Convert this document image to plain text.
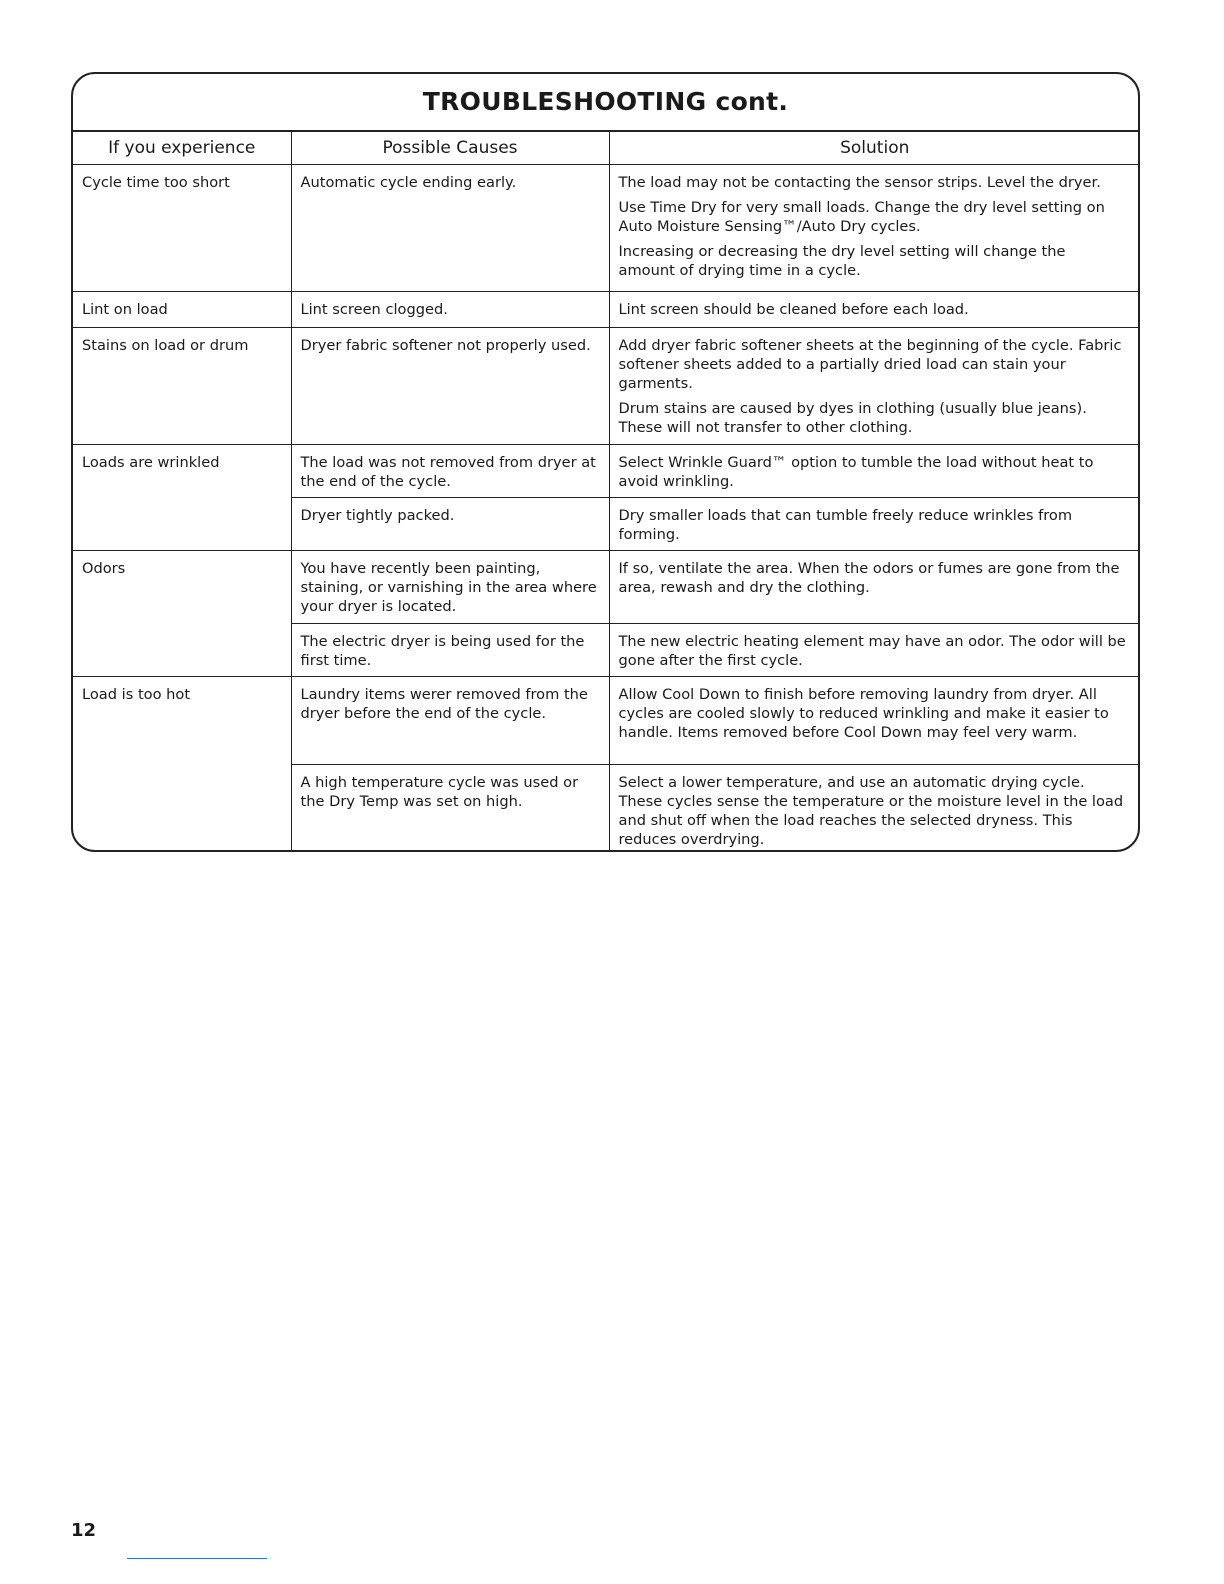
TROUBLESHOOTING cont.
If you experience	Possible Causes	Solution
Cycle time too short	Automatic cycle ending early.	The load may not be contacting the sensor strips. Level the dryer.

Use Time Dry for very small loads. Change the dry level setting on Auto Moisture Sensing™/Auto Dry cycles.

Increasing or decreasing the dry level setting will change the amount of drying time in a cycle.

Lint on load	Lint screen clogged.	Lint screen should be cleaned before each load.

Stains on load or drum	Dryer fabric softener not properly used.	Add dryer fabric softener sheets at the beginning of the cycle. Fabric softener sheets added to a partially dried load can stain your garments.

Drum stains are caused by dyes in clothing (usually blue jeans). These will not transfer to other clothing.

Loads are wrinkled	The load was not removed from dryer at the end of the cycle.	Select Wrinkle Guard™ option to tumble the load without heat to avoid wrinkling.

	Dryer tightly packed.	Dry smaller loads that can tumble freely reduce wrinkles from forming.

Odors	You have recently been painting, staining, or varnishing in the area where your dryer is located.	If so, ventilate the area. When the odors or fumes are gone from the area, rewash and dry the clothing.

	The electric dryer is being used for the first time.	The new electric heating element may have an odor. The odor will be gone after the first cycle.

Load is too hot	Laundry items werer removed from the dryer before the end of the cycle.	Allow Cool Down to finish before removing laundry from dryer. All cycles are cooled slowly to reduced wrinkling and make it easier to handle. Items removed before Cool Down may feel very warm.

	A high temperature cycle was used or the Dry Temp was set on high.	Select a lower temperature, and use an automatic drying cycle. These cycles sense the temperature or the moisture level in the load and shut off when the load reaches the selected dryness. This reduces overdrying.

12
